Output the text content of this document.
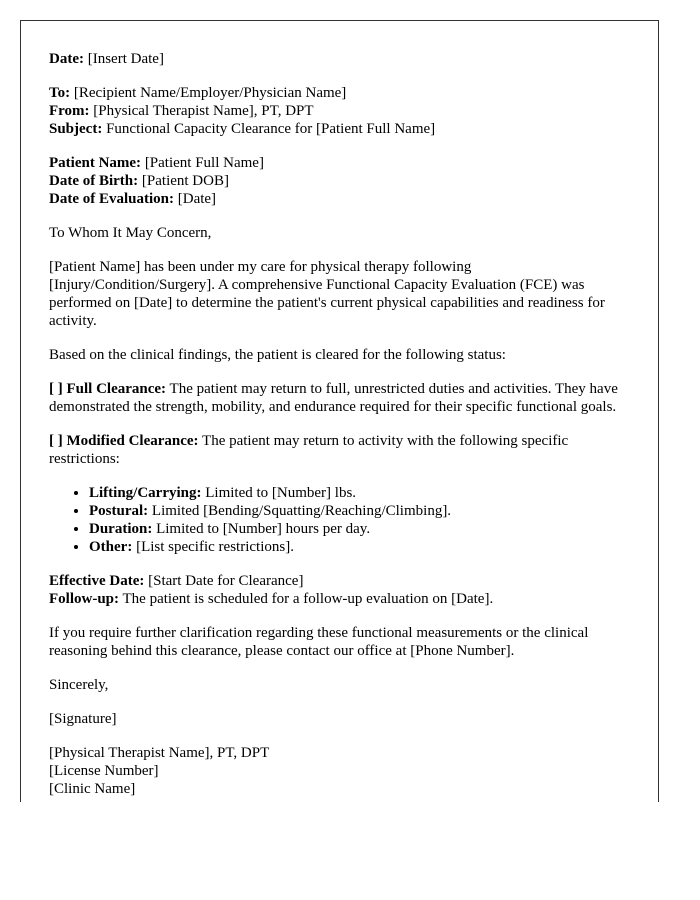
Date: [Insert Date]

To: [Recipient Name/Employer/Physician Name]
From: [Physical Therapist Name], PT, DPT
Subject: Functional Capacity Clearance for [Patient Full Name]

Patient Name: [Patient Full Name]
Date of Birth: [Patient DOB]
Date of Evaluation: [Date]

To Whom It May Concern,

[Patient Name] has been under my care for physical therapy following [Injury/Condition/Surgery]. A comprehensive Functional Capacity Evaluation (FCE) was performed on [Date] to determine the patient's current physical capabilities and readiness for activity.

Based on the clinical findings, the patient is cleared for the following status:

[ ] Full Clearance: The patient may return to full, unrestricted duties and activities. They have demonstrated the strength, mobility, and endurance required for their specific functional goals.

[ ] Modified Clearance: The patient may return to activity with the following specific restrictions:

• Lifting/Carrying: Limited to [Number] lbs.
• Postural: Limited [Bending/Squatting/Reaching/Climbing].
• Duration: Limited to [Number] hours per day.
• Other: [List specific restrictions].

Effective Date: [Start Date for Clearance]
Follow-up: The patient is scheduled for a follow-up evaluation on [Date].

If you require further clarification regarding these functional measurements or the clinical reasoning behind this clearance, please contact our office at [Phone Number].

Sincerely,

[Signature]

[Physical Therapist Name], PT, DPT
[License Number]
[Clinic Name]
